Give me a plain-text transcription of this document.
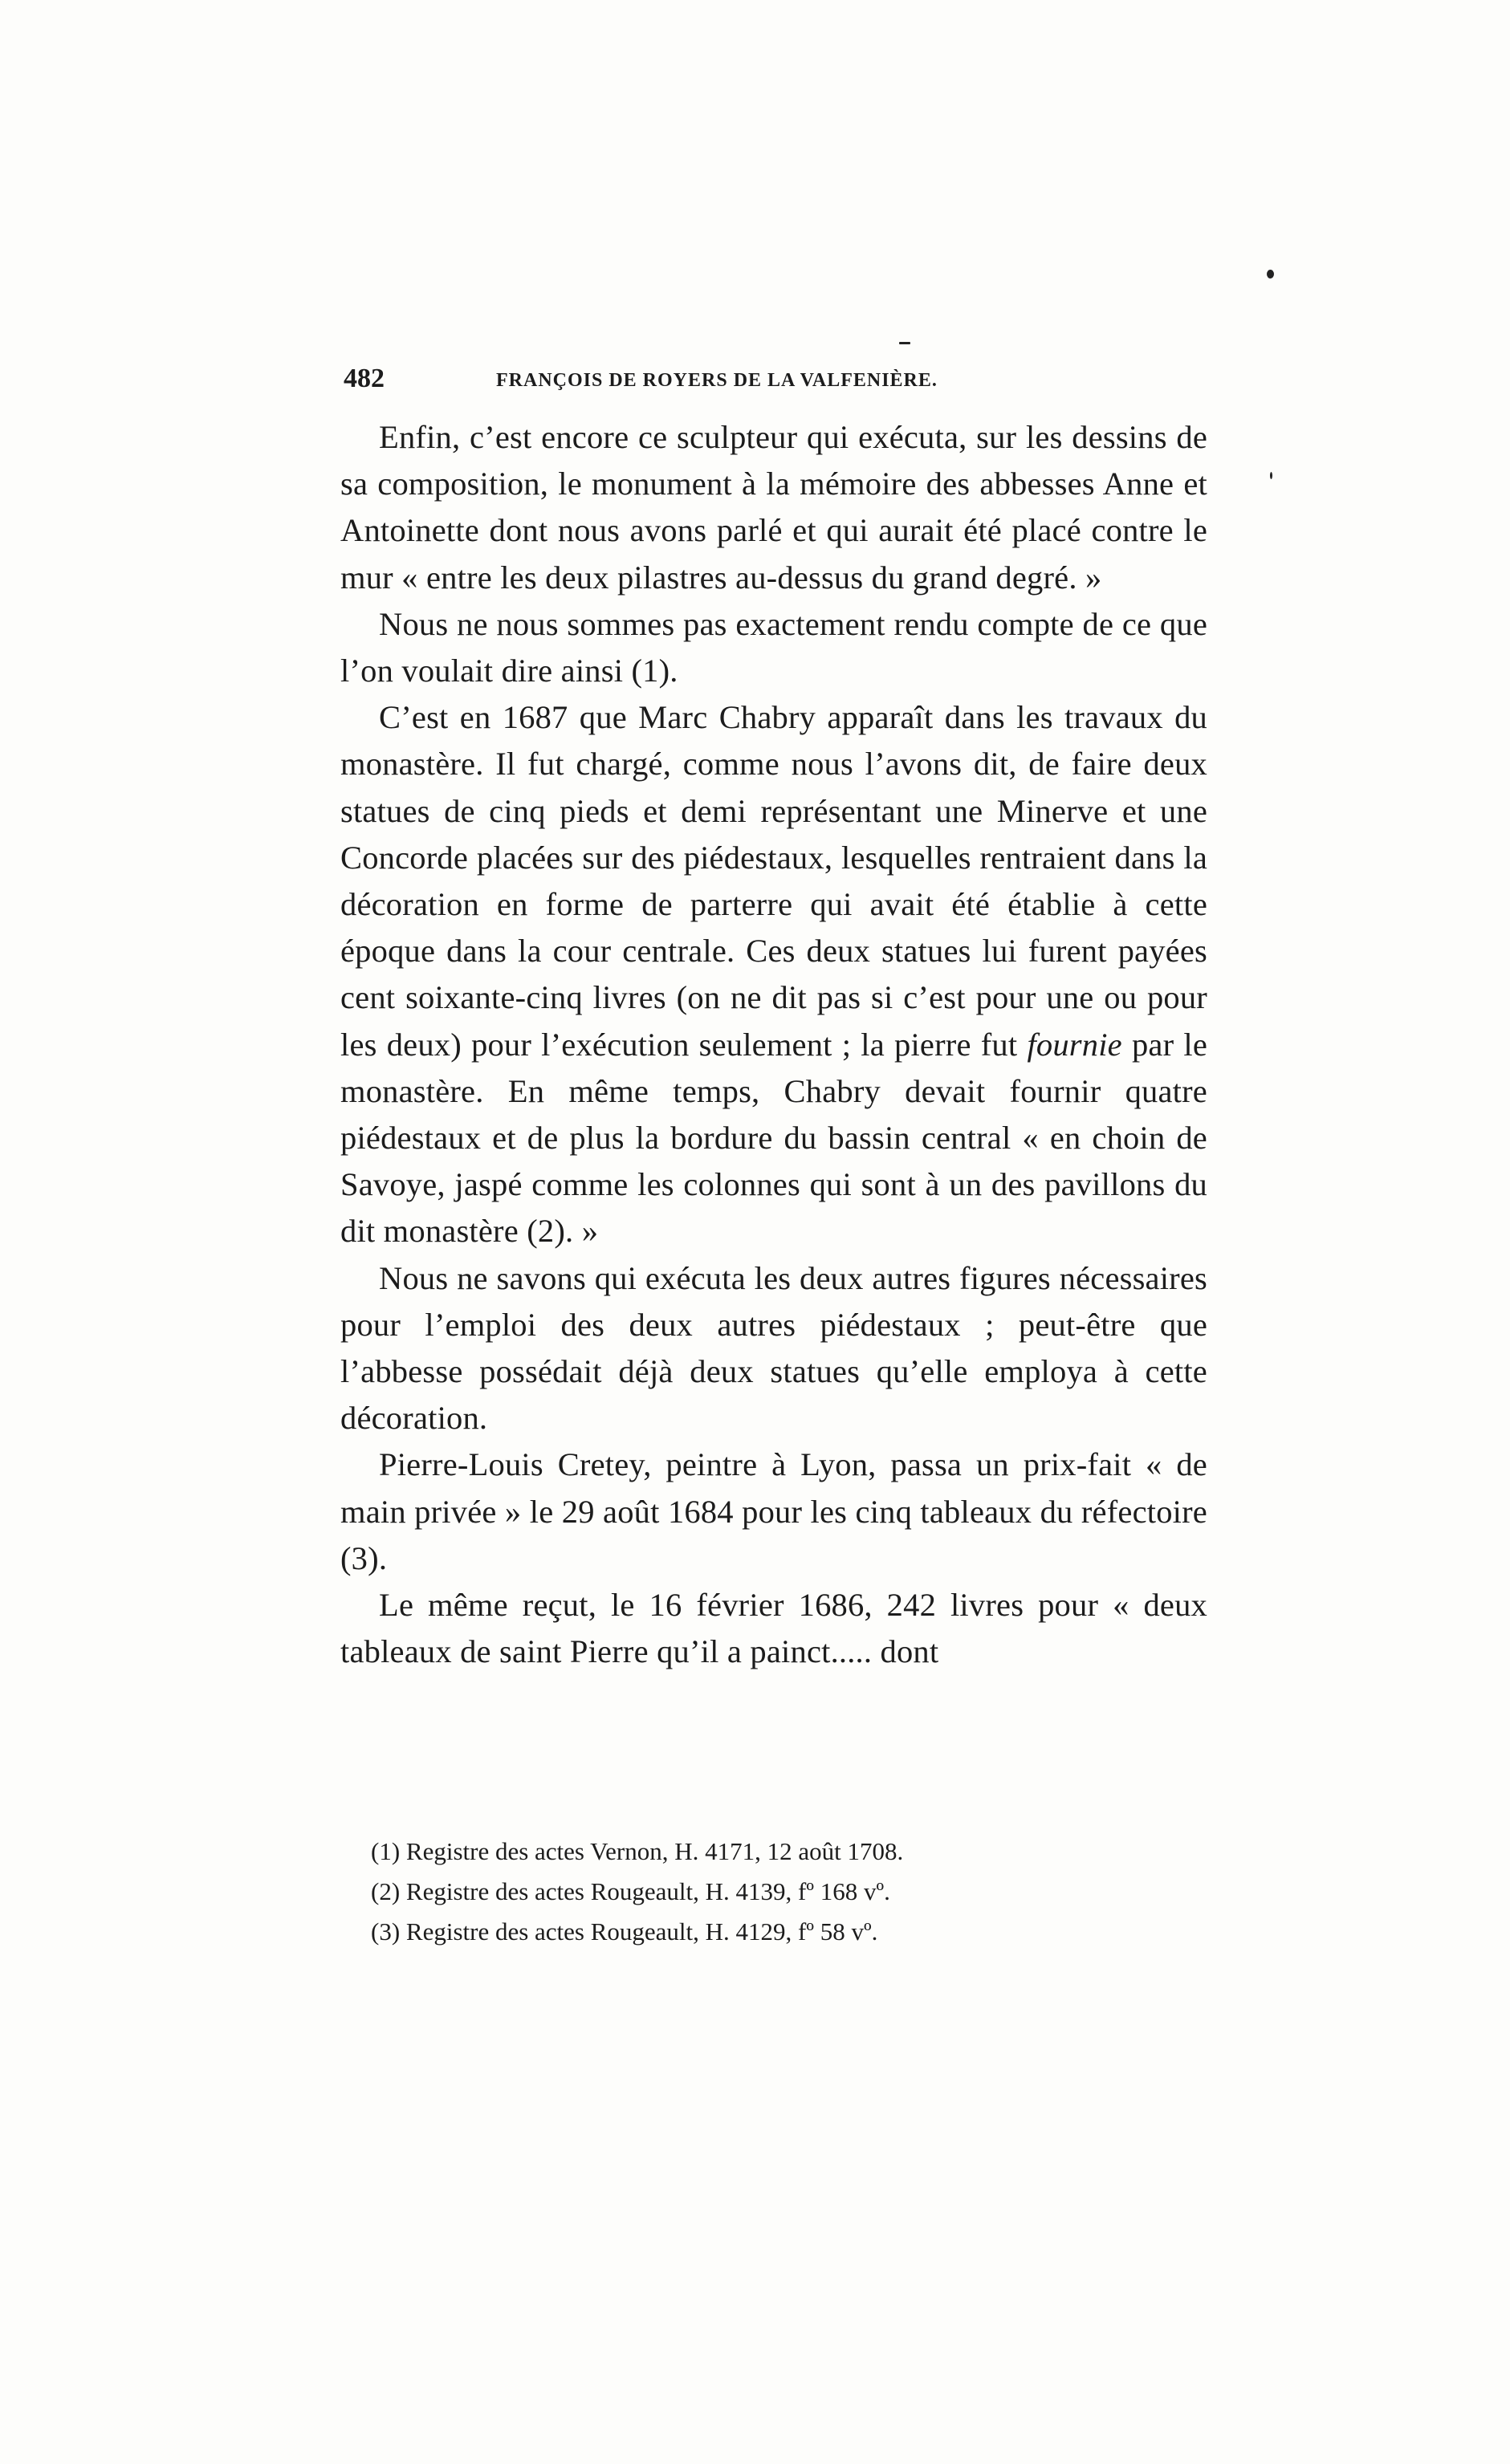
482	FRANÇOIS DE ROYERS DE LA VALFENIÈRE.

Enfin, c’est encore ce sculpteur qui exécuta, sur les dessins de sa composition, le monument à la mémoire des abbesses Anne et Antoinette dont nous avons parlé et qui aurait été placé contre le mur « entre les deux pilastres au-dessus du grand degré. »

Nous ne nous sommes pas exactement rendu compte de ce que l’on voulait dire ainsi (1).

C’est en 1687 que Marc Chabry apparaît dans les travaux du monastère. Il fut chargé, comme nous l’avons dit, de faire deux statues de cinq pieds et demi représentant une Minerve et une Concorde placées sur des piédestaux, lesquelles rentraient dans la décoration en forme de parterre qui avait été établie à cette époque dans la cour centrale. Ces deux statues lui furent payées cent soixante-cinq livres (on ne dit pas si c’est pour une ou pour les deux) pour l’exécution seulement ; la pierre fut fournie par le monastère. En même temps, Chabry devait fournir quatre piédestaux et de plus la bordure du bassin central « en choin de Savoye, jaspé comme les colonnes qui sont à un des pavillons du dit monastère (2). »

Nous ne savons qui exécuta les deux autres figures nécessaires pour l’emploi des deux autres piédestaux ; peut-être que l’abbesse possédait déjà deux statues qu’elle employa à cette décoration.

Pierre-Louis Cretey, peintre à Lyon, passa un prix-fait « de main privée » le 29 août 1684 pour les cinq tableaux du réfectoire (3).

Le même reçut, le 16 février 1686, 242 livres pour « deux tableaux de saint Pierre qu’il a painct..... dont

(1) Registre des actes Vernon, H. 4171, 12 août 1708.
(2) Registre des actes Rougeault, H. 4139, fº 168 vº.
(3) Registre des actes Rougeault, H. 4129, fº 58 vº.
